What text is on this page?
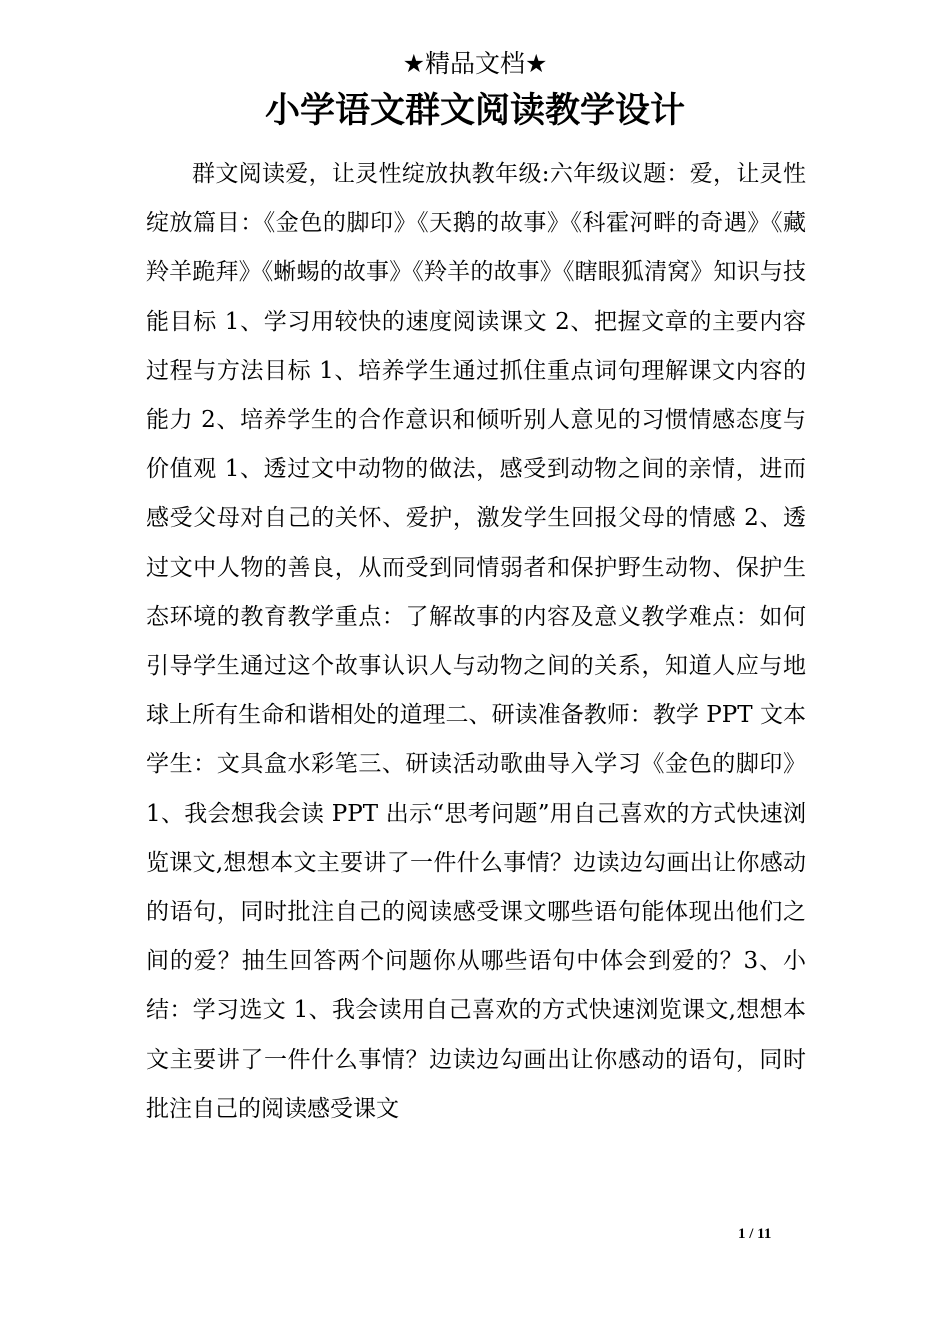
★精品文档★
小学语文群文阅读教学设计

群文阅读爱，让灵性绽放执教年级:六年级议题：爱，让灵性绽放篇目：《金色的脚印》《天鹅的故事》《科霍河畔的奇遇》《藏羚羊跪拜》《蜥蜴的故事》《羚羊的故事》《瞎眼狐清窝》知识与技能目标 1、学习用较快的速度阅读课文 2、把握文章的主要内容过程与方法目标 1、培养学生通过抓住重点词句理解课文内容的能力 2、培养学生的合作意识和倾听别人意见的习惯情感态度与价值观 1、透过文中动物的做法，感受到动物之间的亲情，进而感受父母对自己的关怀、爱护，激发学生回报父母的情感 2、透过文中人物的善良，从而受到同情弱者和保护野生动物、保护生态环境的教育教学重点：了解故事的内容及意义教学难点：如何引导学生通过这个故事认识人与动物之间的关系，知道人应与地球上所有生命和谐相处的道理二、研读准备教师：教学 PPT 文本学生：文具盒水彩笔三、研读活动歌曲导入学习《金色的脚印》1、我会想我会读 PPT 出示“思考问题”用自己喜欢的方式快速浏览课文,想想本文主要讲了一件什么事情？边读边勾画出让你感动的语句，同时批注自己的阅读感受课文哪些语句能体现出他们之间的爱？抽生回答两个问题你从哪些语句中体会到爱的？3、小结：学习选文 1、我会读用自己喜欢的方式快速浏览课文,想想本文主要讲了一件什么事情？边读边勾画出让你感动的语句，同时批注自己的阅读感受课文

1 / 11
